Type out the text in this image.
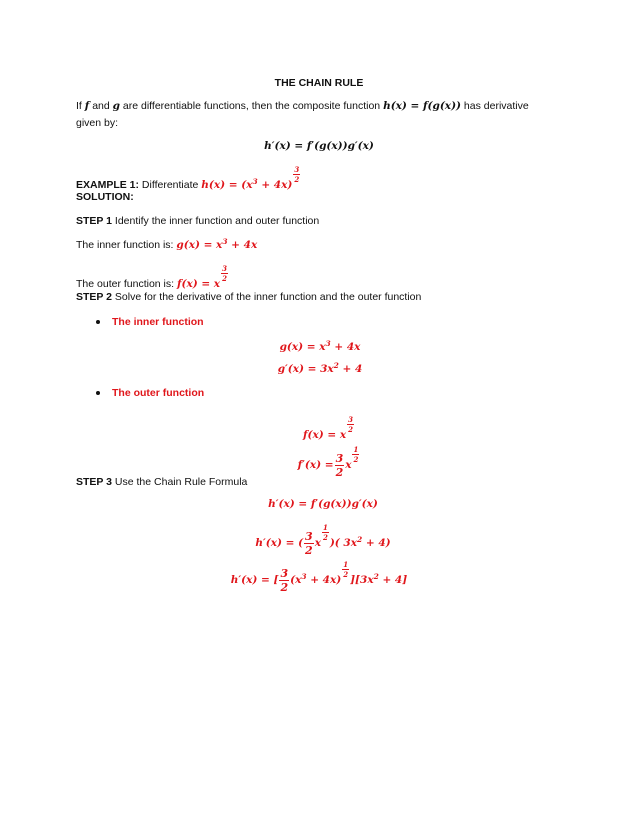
THE CHAIN RULE
If f and g are differentiable functions, then the composite function h(x) = f(g(x)) has derivative
given by:
h′(x) = f′(g(x))g′(x)
EXAMPLE 1: Differentiate $h(x) = (x^3 + 4x)$
$\frac{3}{2}$
SOLUTION:
STEP 1 Identify the inner function and outer function
The inner function is: $g(x) = x^3 + 4x$
The outer function is: f(x) = x
$\frac{3}{2}$
STEP 2 Solve for the derivative of the inner function and the outer function
The inner function
$g(x) = x^3 + 4x$
$g'(x) = 3x^2 + 4$
The outer function
f(x) = x
$\frac{3}{2}$
$f'(x) = \frac{3}{2}$ x
$\frac{1}{2}$
STEP 3 Use the Chain Rule Formula
h′(x) = f′(g(x))g′(x)
h′(x) = ( $\frac{3}{2}$ x
$\frac{1}{2}$
)( $3x^2 + 4$)
h′(x) = [ $\frac{3}{2} (x^3 + 4x)$
$\frac{1}{2}$
]$[3x^2 + 4]$
